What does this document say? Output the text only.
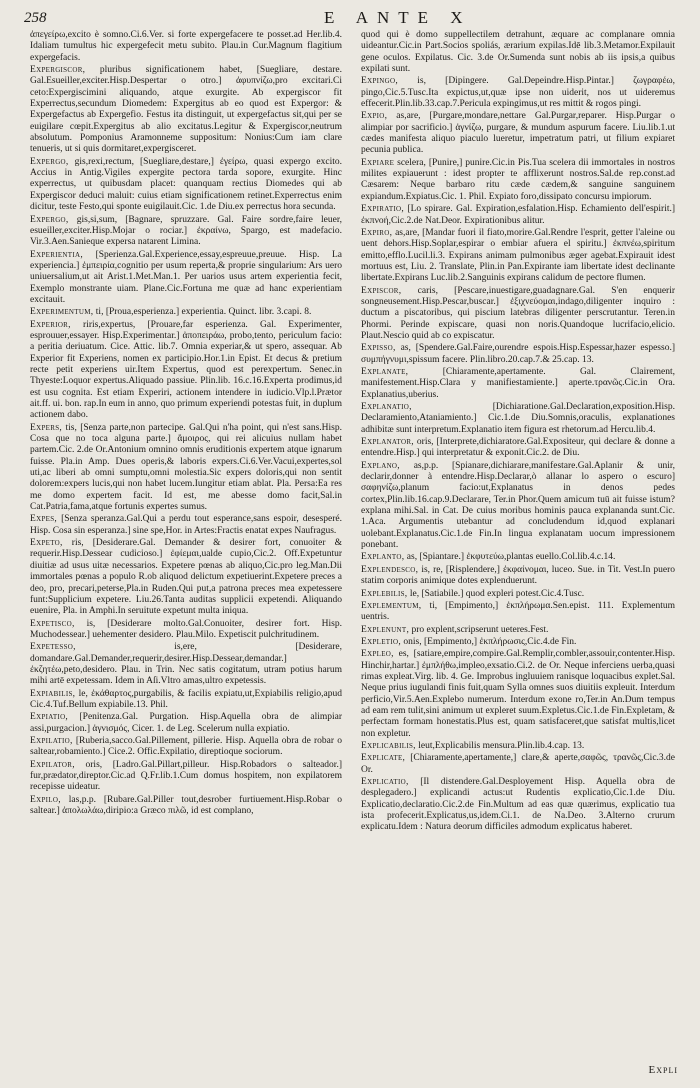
258	E ANTE X
ἀπεγείρω,excito è somno.Ci.6.Ver. si forte expergefacere te posset.ad Her.lib.4. Idaliam tumultus hic expergefecit metu subito. Plau.in Cur.Magnum flagitium expergefacis.
Expergiscor, pluribus significationem habet, [Suegliare, destare. Gal.Esueiller,exciter.Hisp.Despertar o otro.] ἀφυπνίζω,pro excitari.Ci ceto:Expergiscimini aliquando, atque exurgite. Ab expergiscor fit Experrectus,secundum Diomedem: Expergitus ab eo quod est Expergor: & Expergefactus ab Expergefio. Festus ita distinguit, ut expergefactus sit,qui per se euigilare cœpit.Expergitus ab alio excitatus.Legitur & Expergiscor,neutrum absolutum. Pomponius Aramonneme suppositum: Nonius:Cum iam clare tenueris, ut si quis dormitaret,expergisceret.
Expergo, gis,rexi,rectum, [Suegliare,destare,] ἐγείρω, quasi expergo excito. Accius in Antig.Vigiles expergite pectora tarda sopore, exurgite. Hinc experrectus, ut quibusdam placet: quanquam rectius Diomedes qui ab Expergiscor deduci maluit: cuius etiam significationem retinet.Experrectus enim dicitur, teste Festo,qui sponte euigilauit.Cic. 1.de Diu.ex perrectus hora secunda.
Expergo, gis,si,sum, [Bagnare, spruzzare. Gal. Faire sordre,faire leuer, esueiller,exciter.Hisp.Mojar o rociar.] ἐκραίνω, Spargo, est madefacio. Vir.3.Aen.Sanieque expersa natarent Limina.
Experientia, [Sperienza.Gal.Experience,essay,espreuue,preuue. Hisp. La experiencia.] ἐμπειρία,cognitio per usum reperta,& proprie singularium: Ars uero uniuersalium,ut ait Arist.1.Met.Man.1. Per uarios usus artem experientia fecit, Exemplo monstrante uiam. Plane.Cic.Fortuna me quæ ad hanc experientiam excitauit.
Experimentum, ti, [Proua,esperienza.] experientia. Quinct. libr. 3.capi. 8.
Experior, riris,expertus, [Prouare,far esperienza. Gal. Experimenter, esprouuer,essayer. Hisp.Experimentar.] ἀποπειράω, probo,tento, periculum facio: a peritia deriuatum. Cice. Attic. lib.7. Omnia experiar,& ut spero, assequar. Ab Experior fit Experiens, nomen ex participio.Hor.1.in Epist. Et decus & pretium recte petit experiens uir.Item Expertus, quod est perexpertum. Senec.in Thyeste:Loquor expertus.Aliquado passiue. Plin.lib. 16.c.16.Experta prodimus,id est usu cognita. Est etiam Experiri, actionem intendere in iudicio.Vlp.l.Prætor ait.ff. ui. bon. rap.In eum in anno, quo primum experiendi potestas fuit, in duplum actionem dabo.
Expers, tis, [Senza parte,non partecipe. Gal.Qui n'ha point, qui n'est sans.Hisp. Cosa que no toca alguna parte.] ἄμοιρος, qui rei alicuius nullam habet partem.Cic. 2.de Or.Antonium omnino omnis eruditionis expertem atque ignarum fuisse. Pla.in Amp. Dues operis,& laboris expers.Ci.6.Ver.Vacui,expertes,sol uti,ac liberi ab omni sumptu,omni molestia.Sic expers doloris,qui non sentit dolorem:expers lucis,qui non habet lucem.Iungitur etiam ablat. Pla. Persa:Ea res me domo expertem facit. Id est, me abesse domo facit,Sal.in Cat.Patria,fama,atque fortunis expertes sumus.
Expes, [Senza speranza.Gal.Qui a perdu tout esperance,sans espoir, desesperé. Hisp. Cosa sin esperanza.] sine spe,Hor. in Artes:Fractis enatat expes Naufragus.
Expeto, ris, [Desiderare.Gal. Demander & desirer fort, conuoiter & requerir.Hisp.Dessear cudicioso.] ἐφίεμαι,ualde cupio,Cic.2. Off.Expetuntur diuitiæ ad usus uitæ necessarios. Expetere pœnas ab aliquo,Cic.pro leg.Man.Dii immortales pœnas a populo R.ob aliquod delictum expetiuerint.Expetere preces a deo, pro, precari,peterse,Pla.in Ruden.Qui put,a patrona preces mea expetessere funt:Supplicium expetere. Liu.26.Tanta auditas supplicii expetendi. Aliquando euenire, Pla. in Amphi.In seruitute expetunt multa iniqua.
Expetisco, is, [Desiderare molto.Gal.Conuoiter, desirer fort. Hisp. Muchodessear.] uehementer desidero. Plau.Milo. Expetiscit pulchritudinem.
Expetesso,	is,ere, [Desiderare, domandare.Gal.Demander,requerir,desirer.Hisp.Dessear,demandar.] ἐκζητέω,peto,desidero. Plau. in Trin. Nec satis cogitatum, utram potius harum mihi artē expetessam. Idem in Aſi.Vltro amas,ultro expetessis.
Expiabilis, le, ἐκάθαρτος,purgabilis, & facilis expiatu,ut,Expiabilis religio,apud Cic.4.Tuf.Bellum expiabile.13. Phil.
Expiatio, [Penitenza.Gal. Purgation. Hisp.Aquella obra de alimpiar assi,purgacion.] ἁγνισμός, Cicer. 1. de Leg. Scelerum nulla expiatio.
Expilatio, [Ruberia,sacco.Gal.Pillement, pillerie. Hisp. Aquella obra de robar o saltear,robamiento.] Cice.2. Offic.Expilatio, direptioque sociorum.
Expilator, oris, [Ladro.Gal.Pillart,pilleur. Hisp.Robadors o salteador.] fur,prædator,direptor.Cic.ad Q.Fr.lib.1.Cum domus hospitem, non expilatorem recepisse uideatur.
Expilo, las,p.p. [Rubare.Gal.Piller tout,desrober furtiuement.Hisp.Robar o saltear.] ἀπολωλάω,diripio:a Græco πιλῶ, id est complano,
quod qui è domo suppellectilem detrahunt, æquare ac complanare omnia uideantur.Cic.in Part.Socios spoliás, ærarium expilas.Idē lib.3.Metamor.Expilauit gene oculos. Expilatus. Cic. 3.de Or.Sumenda sunt nobis ab iis ipsis,a quibus expilati sunt.
Expingo, is, [Dipingere. Gal.Depeindre.Hisp.Pintar.] ζωγραφέω, pingo,Cic.5.Tusc.Ita expictus,ut,quæ ipse non uiderit, nos ut uideremus effecerit.Plin.lib.33.cap.7.Pericula expingimus,ut res mittit & rogos pingi.
Expio, as,are, [Purgare,mondare,nettare Gal.Purgar,reparer. Hisp.Purgar o alimpiar por sacrificio.] ἁγνίζω, purgare, & mundum aspurum facere. Liu.lib.1.ut cædes manifesta aliquo piaculo lueretur, impetratum patri, ut filium expiaret pecunia publica.
Expiare scelera, [Punire,] punire.Cic.in Pis.Tua scelera dii immortales in nostros milites expiauerunt : idest propter te afflixerunt nostros.Sal.de rep.const.ad Cæsarem: Neque barbaro ritu cæde cædem,& sanguine sanguinem expiandum.Expiatus.Cic. 1. Phil. Expiato foro,dissipato concursu impiorum.
Expiratio, [Lo spirare. Gal. Expiration,esfalation.Hisp. Echamiento dell'espirit.] ἐκπνοή,Cic.2.de Nat.Deor. Expirationibus alitur.
Expiro, as,are, [Mandar fuori il fiato,morire.Gal.Rendre l'esprit, getter l'aleine ou uent dehors.Hisp.Soplar,espirar o embiar afuera el spiritu.] ἐκπνέω,spiritum emitto,efflo.Lucil.li.3. Expirans animam pulmonibus æger agebat.Expirauit idest mortuus est, Liu. 2. Translate, Plin.in Pan.Expirante iam libertate idest declinante libertate.Expirans Luc.lib.2.Sanguinis expirans calidum de pectore flumen.
Expiscor, caris, [Pescare,inuestigare,guadagnare.Gal. S'en enquerir songneusement.Hisp.Pescar,buscar.] ἐξιχνεύομαι,indago,diligenter inquiro : ductum a piscatoribus, qui piscium latebras diligenter perscrutantur. Teren.in Phormi. Perinde expiscare, quasi non noris.Quandoque lucrifacio,elicio. Plaut.Nescio quid ab co expiscatur.
Expisso, as, [Spendere.Gal.Faire,ourendre espois.Hisp.Espessar,hazer espesso.] συμπήγνυμι,spissum facere. Plin.libro.20.cap.7.& 25.cap. 13.
Explanate,	[Chiaramente,apertamente. Gal. Clairement, manifestement.Hisp.Clara y manifiestamiente.] aperte.τρανῶς.Cic.in Ora. Explanatius,uberius.
Explanatio,	[Dichiaratione.Gal.Declaration,exposition.Hisp. Declaramiento,Ataniamiento.] Cic.1.de Diu.Somnis,oraculis, explanationes adhibitæ sunt interpretum.Explanatio item figura est rhetorum.ad Hercu.lib.4.
Explanator, oris, [Interprete,dichiaratore.Gal.Expositeur, qui declare & donne a entendre.Hisp.] qui interpretatur & exponit.Cic.2. de Diu.
Explano, as,p.p. [Spianare,dichiarare,manifestare.Gal.Aplanir & unir, declarir,donner à entendre.Hisp.Declarar,ò allanar lo aspero o escuro] σαφηνίζω,planum facio:ut,Explanatus in denos pedes cortex,Plin.lib.16.cap.9.Declarare, Ter.in Phor.Quem amicum tuū ait fuisse istum?explana mihi.Sal. in Cat. De cuius moribus hominis pauca explananda sunt.Cic. 1.Aca. Argumentis utebantur ad concludendum id,quod explanari uolebant.Explanatus.Cic.1.de Fin.In lingua explanatam uocum impressionem ponebant.
Explanto, as, [Spiantare.] ἐκφυτεύω,plantas euello.Col.lib.4.c.14.
Explendesco, is, re, [Risplendere,] ἐκφαίνομαι, luceo. Sue. in Tit. Vest.In puero statim corporis animique dotes explenduerunt.
Explebilis, le, [Satiabile.] quod expleri potest.Cic.4.Tusc.
Explementum, ti, [Empimento,] ἐκπλήρωμα.Sen.epist. 111. Explementum uentris.
Explenunt, pro explent,scripserunt ueteres.Fest.
Expletio, onis, [Empimento,] ἐκπλήρωσις,Cic.4.de Fin.
Expleo, es, [satiare,empire,compire.Gal.Remplir,combler,assouir,contenter.Hisp. Hinchir,hartar.] ἐμπλήθω,impleo,exsatio.Ci.2. de Or. Neque inferciens uerba,quasi rimas expleat.Virg. lib. 4. Ge. Improbus ingluuiem ranisque loquacibus explet.Sal. Neque prius iugulandi finis fuit,quam Sylla omnes suos diuitiis expleuit. Interdum perficio,Vir.5.Aen.Explebo numerum. Interdum exone ro,Ter.in An.Dum tempus ad eam rem tulit,sini animum ut expleret suum.Expletus.Cic.1.de Fin.Expletam, & perfectam formam honestatis.Plus est, quam satisfaceret,que satisfat multis,licet non expletur.
Explicabilis, leut,Explicabilis mensura.Plin.lib.4.cap. 13.
Explicate, [Chiaramente,apertamente,] clare,& aperte,σαφῶς, τρανῶς,Cic.3.de Or.
Explicatio, [Il distendere.Gal.Desployement Hisp. Aquella obra de desplegadero.] explicandi actus:ut Rudentis explicatio,Cic.1.de Diu. Explicatio,declaratio.Cic.2.de Fin.Multum ad eas quæ quærimus, explicatio tua ista profecerit.Explicatus,us,idem.Ci.1. de Na.Deo. 3.Alterno crurum explicatu.Idem : Natura deorum difficiles admodum explicatus haberet.
Expli
